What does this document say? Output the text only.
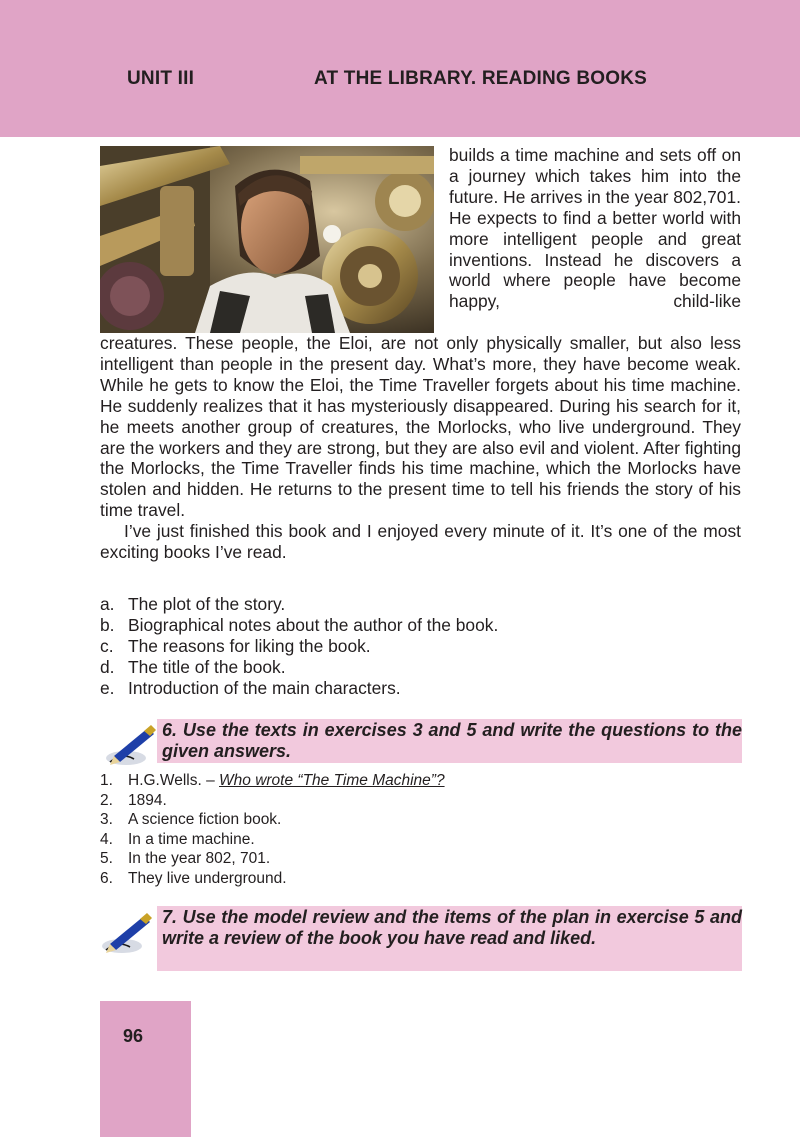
UNIT III	AT THE LIBRARY. READING BOOKS

builds a time machine and sets off on a journey which takes him into the future. He arrives in the year 802,701. He expects to find a better world with more intelligent people and great inventions. Instead he discovers a world where people have become happy, child-like

creatures. These people, the Eloi, are not only physically smaller, but also less intelligent than people in the present day. What’s more, they have become weak. While he gets to know the Eloi, the Time Traveller forgets about his time machine. He suddenly realizes that it has mysteriously disappeared. During his search for it, he meets another group of creatures, the Morlocks, who live underground. They are the workers and they are strong, but they are also evil and violent. After fighting the Morlocks, the Time Traveller finds his time machine, which the Morlocks have stolen and hidden. He returns to the present time to tell his friends the story of his time travel.

I’ve just finished this book and I enjoyed every minute of it. It’s one of the most exciting books I’ve read.

a. The plot of the story.
b. Biographical notes about the author of the book.
c. The reasons for liking the book.
d. The title of the book.
e. Introduction of the main characters.
6. Use the texts in exercises 3 and 5 and write the questions to the given answers.
1. H.G.Wells. – Who wrote “The Time Machine”?
2. 1894.
3. A science fiction book.
4. In a time machine.
5. In the year 802, 701.
6. They live underground.
7. Use the model review and the items of the plan in exercise 5 and write a review of the book you have read and liked.
96
